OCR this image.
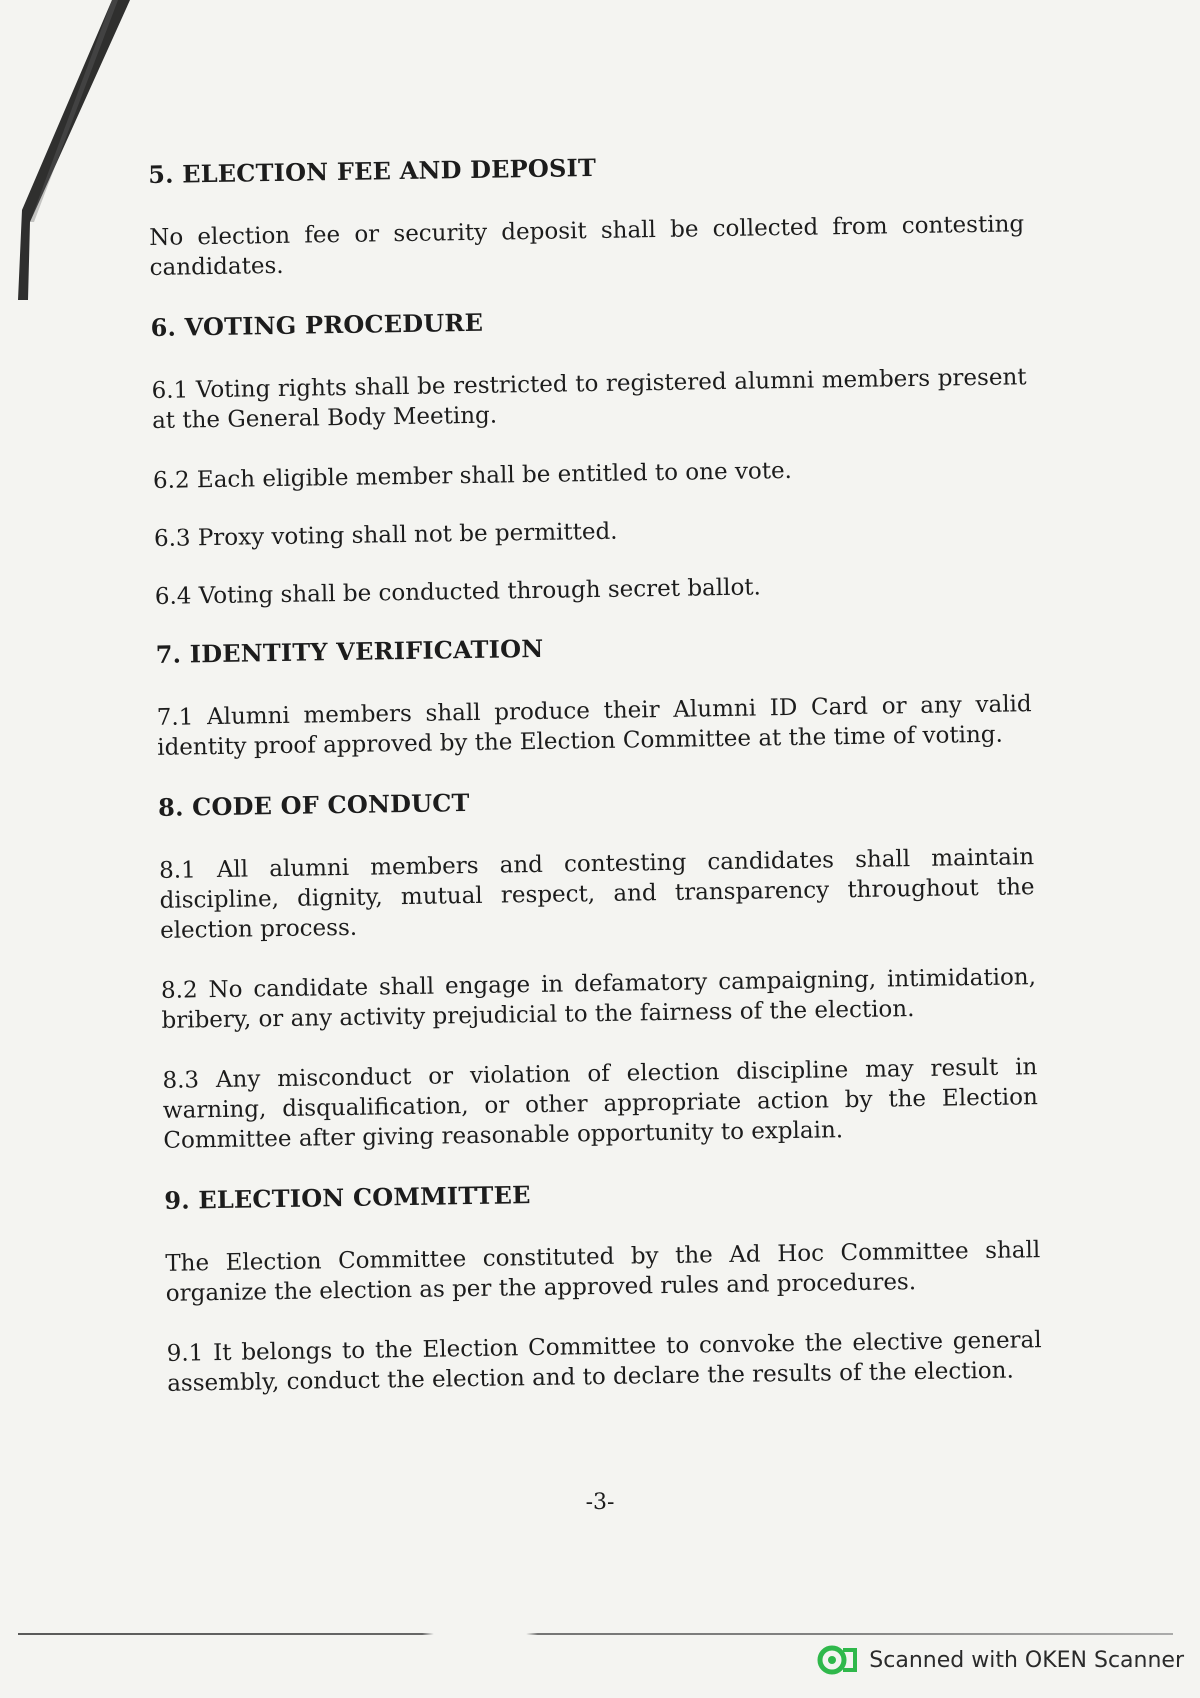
5. ELECTION FEE AND DEPOSIT

No election fee or security deposit shall be collected from contesting candidates.

6. VOTING PROCEDURE

6.1 Voting rights shall be restricted to registered alumni members present at the General Body Meeting.

6.2 Each eligible member shall be entitled to one vote.

6.3 Proxy voting shall not be permitted.

6.4 Voting shall be conducted through secret ballot.

7. IDENTITY VERIFICATION

7.1 Alumni members shall produce their Alumni ID Card or any valid identity proof approved by the Election Committee at the time of voting.

8. CODE OF CONDUCT

8.1 All alumni members and contesting candidates shall maintain discipline, dignity, mutual respect, and transparency throughout the election process.

8.2 No candidate shall engage in defamatory campaigning, intimidation, bribery, or any activity prejudicial to the fairness of the election.

8.3 Any misconduct or violation of election discipline may result in warning, disqualification, or other appropriate action by the Election Committee after giving reasonable opportunity to explain.

9. ELECTION COMMITTEE

The Election Committee constituted by the Ad Hoc Committee shall organize the election as per the approved rules and procedures.

9.1 It belongs to the Election Committee to convoke the elective general assembly, conduct the election and to declare the results of the election.

-3-
Scanned with OKEN Scanner
